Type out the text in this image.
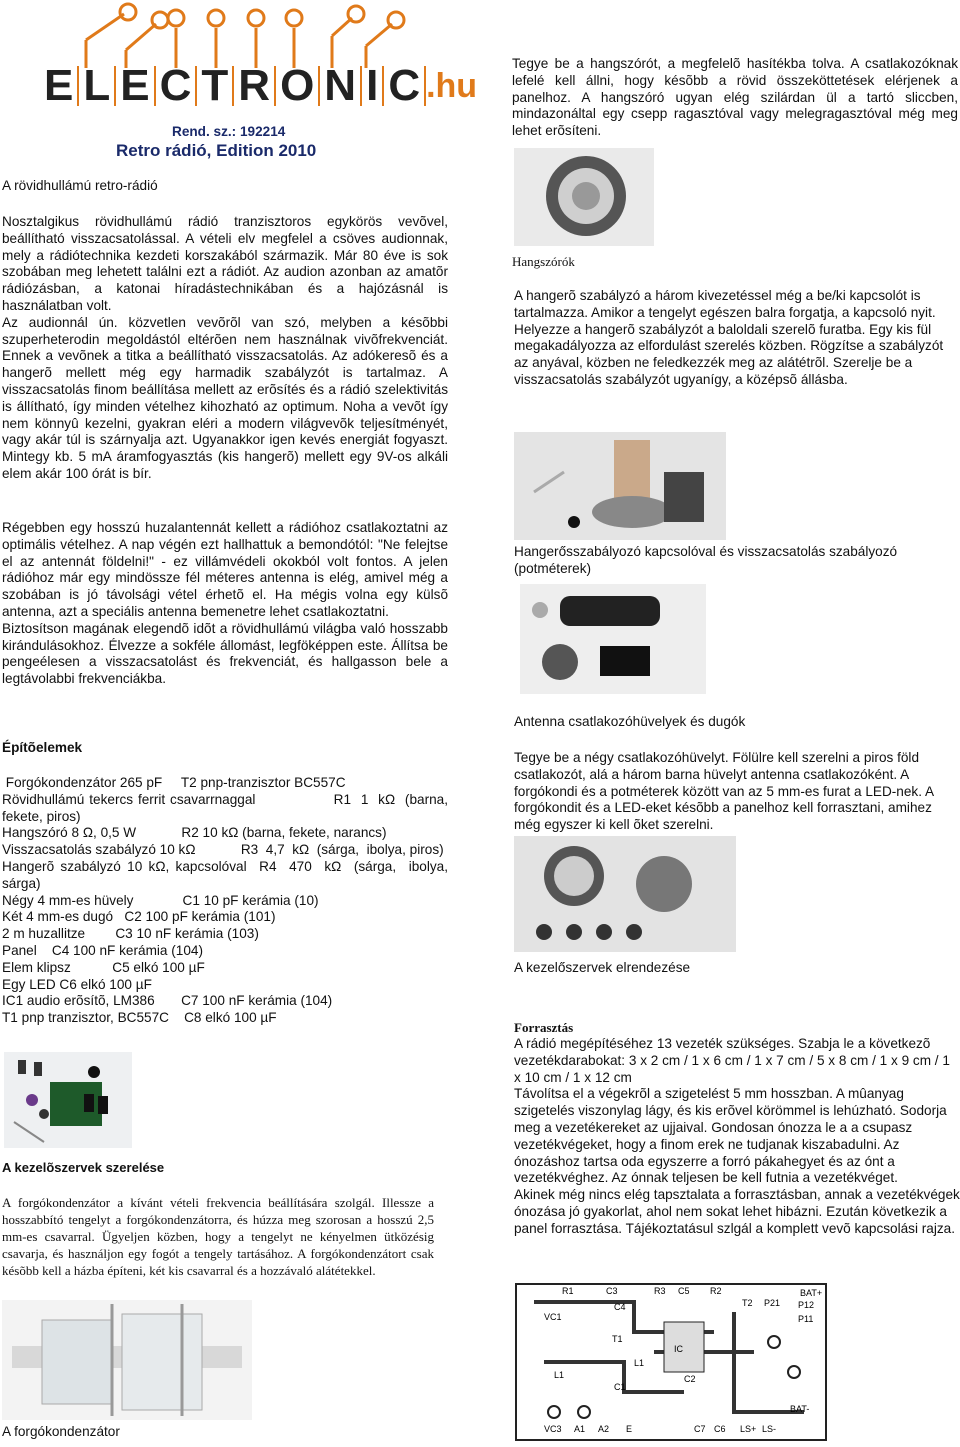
E L E C T R O N I C .hu
Rend. sz.: 192214
Retro rádió, Edition 2010
A rövidhullámú retro-rádió

Nosztalgikus rövidhullámú rádió tranzisztoros egykörös vevõvel, beállítható visszacsatolással. A vételi elv megfelel a csöves audionnak, mely a rádiótechnika kezdeti korszakából származik. Már 80 éve is sok szobában meg lehetett találni ezt a rádiót. Az audion azonban az amatõr rádiózásban, a katonai híradástechnikában és a hajózásnál is használatban volt.

Az audionnál ún. közvetlen vevõrõl van szó, melyben a késõbbi szuperheterodin megoldástól eltérõen nem használnak vivõfrekvenciát. Ennek a vevõnek a titka a beállítható visszacsatolás. Az adókeresõ és a hangerõ mellett még egy harmadik szabályzót is tartalmaz. A visszacsatolás finom beállítása mellett az erõsítés és a rádió szelektivitás is állítható, így minden vételhez kihozható az optimum. Noha a vevõt így nem könnyû kezelni, gyakran eléri a modern világvevõk teljesítményét, vagy akár túl is szárnyalja azt. Ugyanakkor igen kevés energiát fogyaszt. Mintegy kb. 5 mA áramfogyasztás (kis hangerõ) mellett egy 9V-os alkáli elem akár 100 órát is bír.

Régebben egy hosszú huzalantennát kellett a rádióhoz csatlakoztatni az optimális vételhez. A nap végén ezt hallhattuk a bemondótól: "Ne felejtse el az antennát földelni!" - ez villámvédeli okokból volt fontos. A jelen rádióhoz már egy mindössze fél méteres antenna is elég, amivel még a szobában is jó távolsági vétel érhetõ el. Ha mégis volna egy külsõ antenna, azt a speciális antenna bemenetre lehet csatlakoztatni.

Biztosítson magának elegendõ idõt a rövidhullámú világba való hosszabb kirándulásokhoz. Élvezze a sokféle állomást, legföképpen este. Állítsa be pengeélesen a visszacsatolást és frekvenciát, és hallgasson bele a legtávolabbi frekvenciákba.

Építõelemek

Forgókondenzátor 265 pF     T2 pnp-tranzisztor BC557C

Rövidhullámú tekercs ferrit csavarrnaggal                R1  1  kΩ  (barna, fekete, piros)

Hangszóró 8 Ω, 0,5 W            R2 10 kΩ (barna, fekete, narancs)

Visszacsatolás szabályzó 10 kΩ            R3  4,7  kΩ  (sárga,  ibolya, piros)

Hangerõ szabályzó 10 kΩ, kapcsolóval  R4  470  kΩ  (sárga,  ibolya, sárga)

Négy 4 mm-es hüvely             C1 10 pF kerámia (10)

Két 4 mm-es dugó   C2 100 pF kerámia (101)

2 m huzallitze        C3 10 nF kerámia (103)

Panel    C4 100 nF kerámia (104)

Elem klipsz           C5 elkó 100 µF

Egy LED C6 elkó 100 µF

IC1 audio erõsítõ, LM386       C7 100 nF kerámia (104)

T1 pnp tranzisztor, BC557C    C8 elkó 100 µF

A kezelõszervek szerelése
A forgókondenzátor a kívánt vételi frekvencia beállítására szolgál. Illessze a hosszabbító tengelyt a forgókondenzátorra, és húzza meg szorosan a hosszú 2,5 mm-es csavarral. Ügyeljen közben, hogy a tengelyt ne kényelmen ütközésig csavarja, és használjon egy fogót a tengely tartásához. A forgókondenzátort csak késõbb kell a házba építeni, két kis csavarral és a hozzávaló alátétekkel.
A forgókondenzátor
Tegye be a hangszórót, a megfelelõ hasítékba tolva. A csatlakozóknak lefelé kell állni, hogy késõbb a rövid összeköttetések elérjenek a panelhoz. A hangszóró ugyan elég szilárdan ül a tartó sliccben, mindazonáltal egy csepp ragasztóval vagy melegragasztóval még meg lehet erõsíteni.
Hangszórók
A hangerõ szabályzó a három kivezetéssel még a be/ki kapcsolót is tartalmazza. Amikor a tengelyt egészen balra forgatja, a kapcsoló nyit. Helyezze a hangerõ szabályzót a baloldali szerelõ furatba. Egy kis fül megakadályozza az elfordulást szerelés közben. Rögzítse a szabályzót az anyával, közben ne feledkezzék meg az alátétrõl. Szerelje be a visszacsatolás szabályzót ugyanígy, a középsõ állásba.
Hangerősszabályozó kapcsolóval és visszacsatolás szabályozó (potméterek)
Antenna csatlakozóhüvelyek és dugók
Tegye be a négy csatlakozóhüvelyt. Fölülre kell szerelni a piros föld csatlakozót, alá a három barna hüvelyt antenna csatlakozóként. A forgókondi és a potméterek között van az 5 mm-es furat a LED-nek. A forgókondit és a LED-eket késõbb a panelhoz kell forrasztani, amihez még egyszer ki kell õket szerelni.
A kezelőszervek elrendezése
Forrasztás
A rádió megépítéséhez 13 vezeték szükséges. Szabja le a következõ vezetékdarabokat: 3 x 2 cm / 1 x 6 cm / 1 x 7 cm / 5 x 8 cm / 1 x 9 cm / 1 x 10 cm / 1 x 12 cm
Távolítsa el a végekrõl a szigetelést 5 mm hosszban. A mûanyag szigetelés viszonylag lágy, és kis erõvel körömmel is lehúzható. Sodorja meg a vezetékereket az ujjaival. Gondosan ónozza le a a csupasz vezetékvégeket, hogy a finom erek ne tudjanak kiszabadulni. Az ónozáshoz tartsa oda egyszerre a forró pákahegyet és az ónt a vezetékvéghez. Az ónnak teljesen be kell futnia a vezetékvéget.
Akinek még nincs elég tapsztalata a forrasztásban, annak a vezetékvégek ónozása jó gyakorlat, ahol nem sokat lehet hibázni. Ezután következik a panel forrasztása. Tájékoztatásul szlgál a komplett vevõ kapcsolási rajza.
R1	C3	R3 C5
C4
T1
VC1
L1
L1
C1
VC3
R2
IC
BAT+
P12
P11
P21
LS-
LS+
C6
C7
T2
C2
BAT-
A1 A2 E
